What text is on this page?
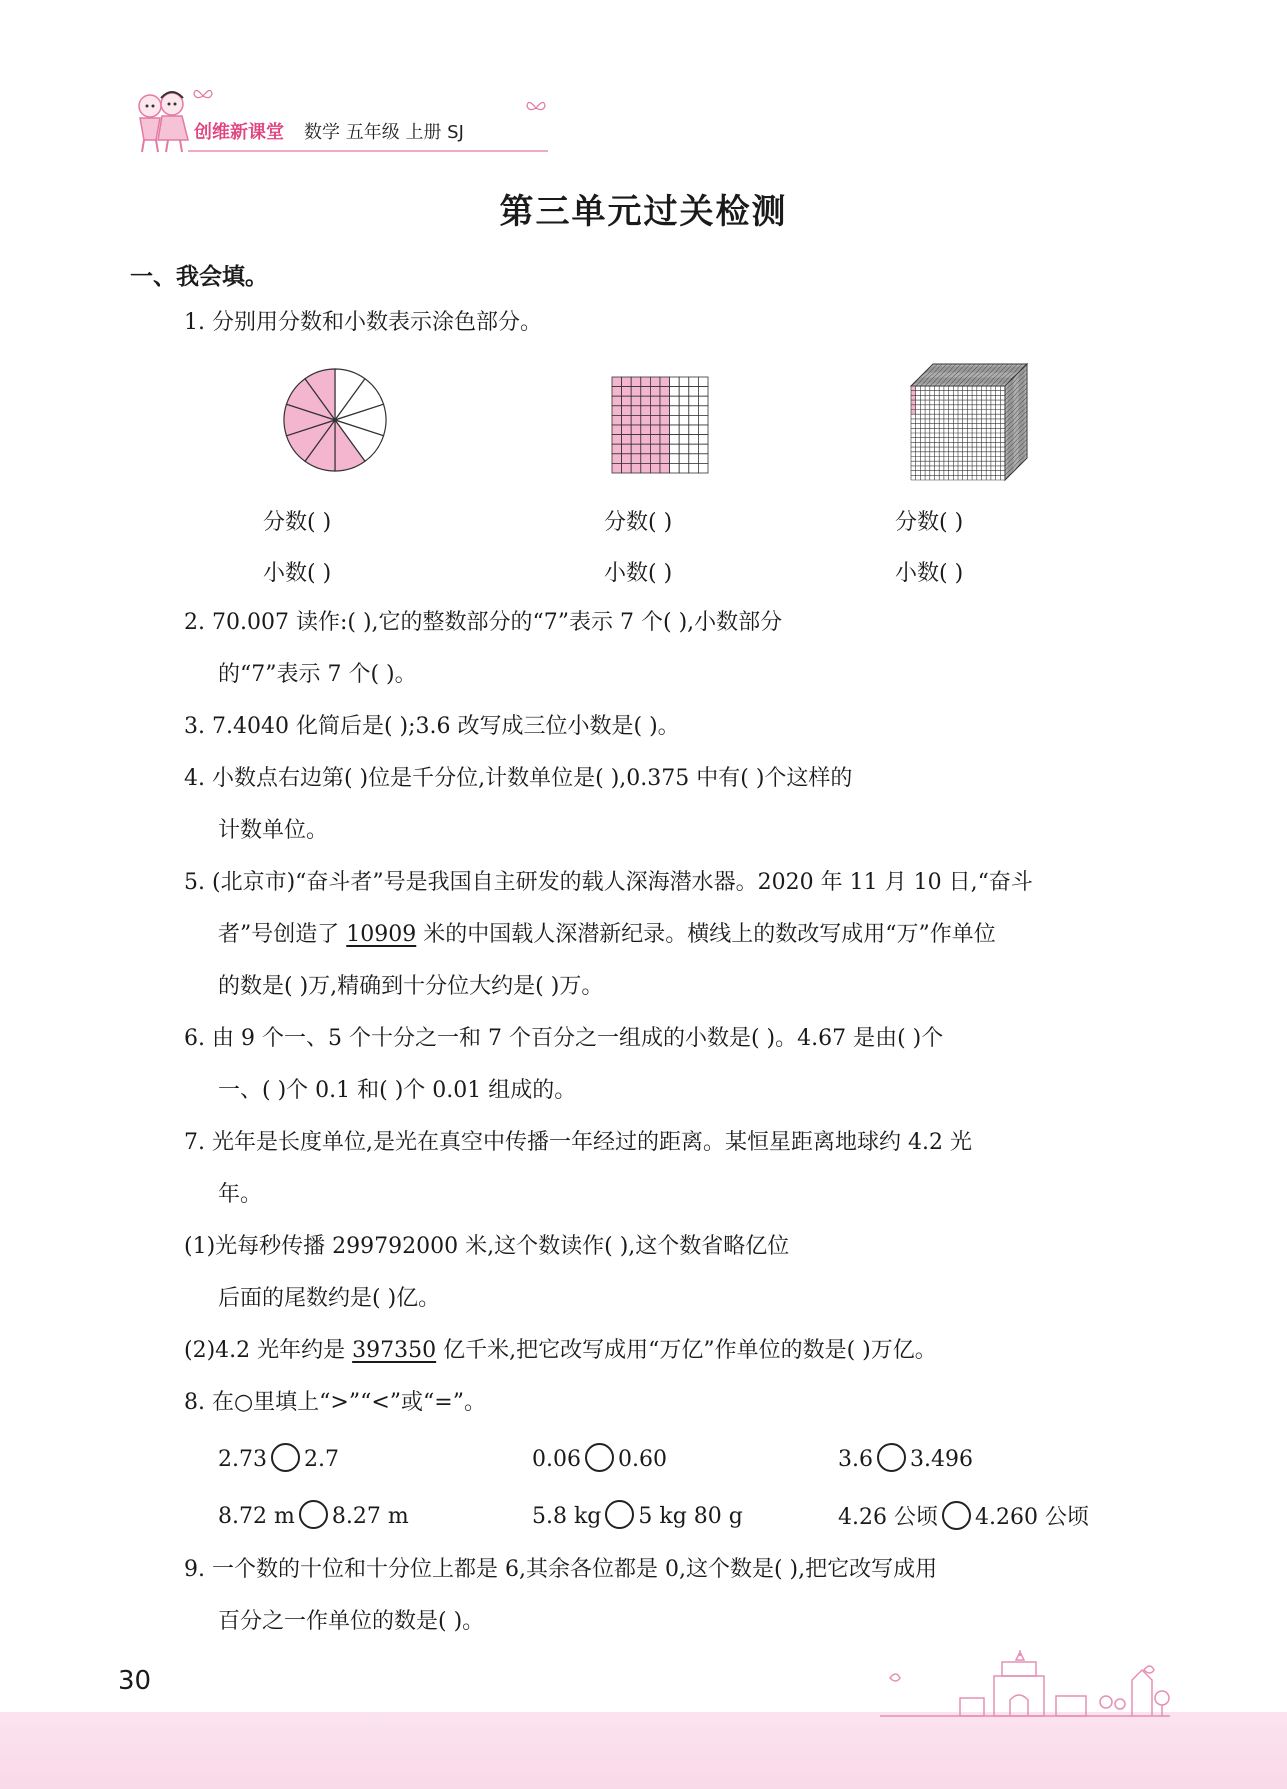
创维新课堂 数学 五年级 上册 SJ
第三单元过关检测
一、我会填。
1. 分别用分数和小数表示涂色部分。
分数( )
小数( )
分数( )
小数( )
分数( )
小数( )
2. 70.007 读作:( ),它的整数部分的“7”表示 7 个( ),小数部分
的“7”表示 7 个( )。
3. 7.4040 化简后是( );3.6 改写成三位小数是( )。
4. 小数点右边第( )位是千分位,计数单位是( ),0.375 中有( )个这样的
计数单位。
5. (北京市)“奋斗者”号是我国自主研发的载人深海潜水器。2020 年 11 月 10 日,“奋斗
者”号创造了 10909 米的中国载人深潜新纪录。横线上的数改写成用“万”作单位
的数是( )万,精确到十分位大约是( )万。
6. 由 9 个一、5 个十分之一和 7 个百分之一组成的小数是( )。4.67 是由( )个
一、( )个 0.1 和( )个 0.01 组成的。
7. 光年是长度单位,是光在真空中传播一年经过的距离。某恒星距离地球约 4.2 光
年。
(1)光每秒传播 299792000 米,这个数读作( ),这个数省略亿位
后面的尾数约是( )亿。
(2)4.2 光年约是 397350 亿千米,把它改写成用“万亿”作单位的数是( )万亿。
8. 在○里填上“>”“<”或“=”。
2.73 2.7	0.06 0.60	3.6 3.496
8.72 m 8.27 m	5.8 kg 5 kg 80 g	4.26 公顷 4.260 公顷
9. 一个数的十位和十分位上都是 6,其余各位都是 0,这个数是( ),把它改写成用
百分之一作单位的数是( )。
30
